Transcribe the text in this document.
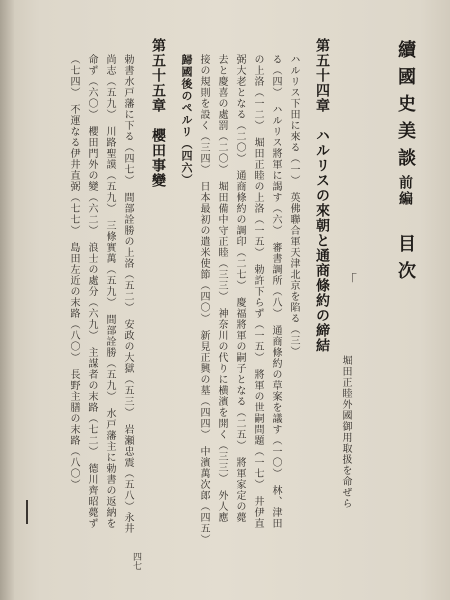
續國史美談前編　目次
「
堀田正睦外國御用取扱を命ぜら
第五十四章　ハルリスの來朝と通商條約の締結
ハルリス下田に來る（一）　英佛聯合軍天津北京を陷る（三）
る（四）　ハルリス將軍に謁す（六）　審書調所（八）　通商條約の草案を議す（一〇）　林、津田
の上洛（一二）　堀田正睦の上洛（一五）　勅許下らず（一五）　將軍の世嗣問題（一七）　井伊直
弼大老となる（二〇）　通商條約の調印（二七）　慶福將軍の嗣子となる（二五）　將軍家定の薨
去と慶喜の處罰（二〇）　堀田備中守正睦（三三）　神奈川の代りに横濱を開く（三三）　外人應
接の規則を設く（三四）　日本最初の遣米使節（四〇）　新見正興の墓（四四）　中濱萬次郎（四五）
歸國後のペルリ（四六）
第五十五章　櫻田事變
勅書水戸藩に下る（四七）　間部詮勝の上洛（五二）　安政の大獄（五三）　岩瀬忠震（五八）永井
尚志（五九）　川路聖謨（五九）　三條實萬（五九）　間部詮勝（五九）　水戸藩主に勅書の返納を
命ず（六〇）　櫻田門外の變（六二）　浪士の處分（六九）　主謀者の末路（七二）　德川齊昭薨ず
（七四）　不運なる伊井直弼（七七）　島田左近の末路（八〇）　長野主膳の末路（八〇）
四七
